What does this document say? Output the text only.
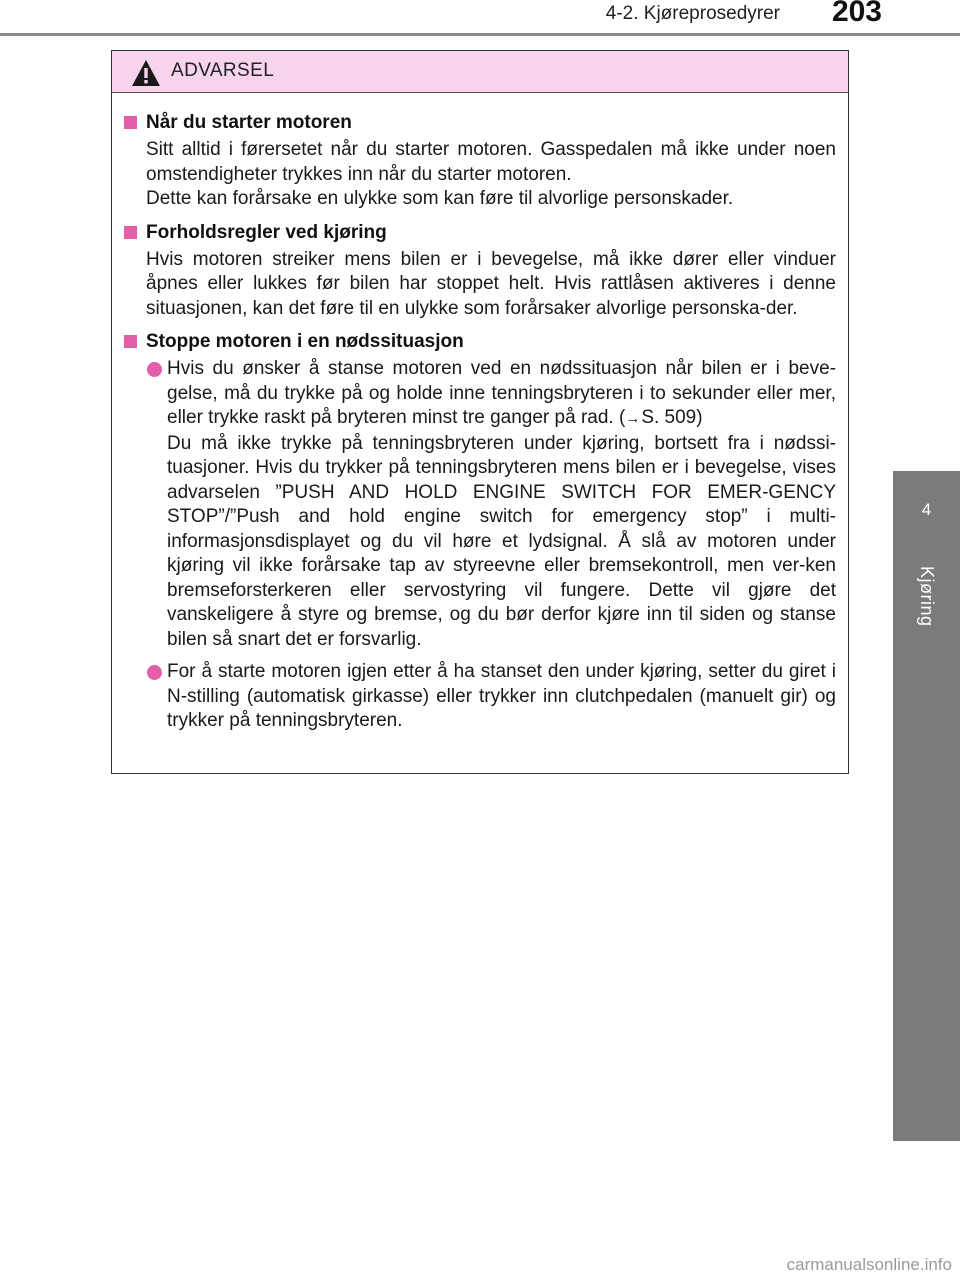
4-2. Kjøreprosedyrer 203
4
Kjøring
ADVARSEL
Når du starter motoren
Sitt alltid i førersetet når du starter motoren. Gasspedalen må ikke under noen omstendigheter trykkes inn når du starter motoren.
Dette kan forårsake en ulykke som kan føre til alvorlige personskader.
Forholdsregler ved kjøring
Hvis motoren streiker mens bilen er i bevegelse, må ikke dører eller vinduer åpnes eller lukkes før bilen har stoppet helt. Hvis rattlåsen aktiveres i denne situasjonen, kan det føre til en ulykke som forårsaker alvorlige personska-der.
Stoppe motoren i en nødssituasjon

Hvis du ønsker å stanse motoren ved en nødssituasjon når bilen er i beve-gelse, må du trykke på og holde inne tenningsbryteren i to sekunder eller mer, eller trykke raskt på bryteren minst tre ganger på rad. (→S. 509)

Du må ikke trykke på tenningsbryteren under kjøring, bortsett fra i nødssi-tuasjoner. Hvis du trykker på tenningsbryteren mens bilen er i bevegelse, vises advarselen ”PUSH AND HOLD ENGINE SWITCH FOR EMER-GENCY STOP”/”Push and hold engine switch for emergency stop” i multi-informasjonsdisplayet og du vil høre et lydsignal. Å slå av motoren under kjøring vil ikke forårsake tap av styreevne eller bremsekontroll, men ver-ken bremseforsterkeren eller servostyring vil fungere. Dette vil gjøre det vanskeligere å styre og bremse, og du bør derfor kjøre inn til siden og stanse bilen så snart det er forsvarlig.

For å starte motoren igjen etter å ha stanset den under kjøring, setter du giret i N-stilling (automatisk girkasse) eller trykker inn clutchpedalen (manuelt gir) og trykker på tenningsbryteren.

carmanualsonline.info
